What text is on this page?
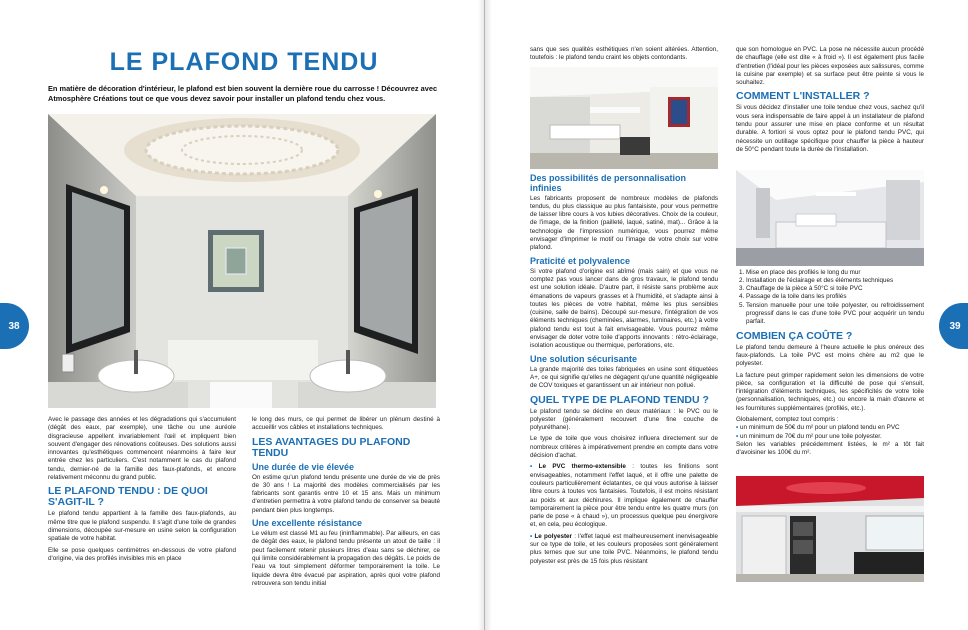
LE PLAFOND TENDU
En matière de décoration d'intérieur, le plafond est bien souvent la dernière roue du carrosse ! Découvrez avec Atmosphère Créations tout ce que vous devez savoir pour installer un plafond tendu chez vous.

Avec le passage des années et les dégradations qui s'accumulent (dégât des eaux, par exemple), une tâche ou une auréole disgracieuse appellent invariablement l'œil et impliquent bien souvent d'engager des rénovations coûteuses. Des solutions aussi innovantes qu'esthétiques commencent néanmoins à faire leur entrée chez les particuliers. C'est notamment le cas du plafond tendu, dernier-né de la famille des faux-plafonds, et encore relativement méconnu du grand public.

LE PLAFOND TENDU : DE QUOI S'AGIT-IL ?

Le plafond tendu appartient à la famille des faux-plafonds, au même titre que le plafond suspendu. Il s'agit d'une toile de grandes dimensions, découpée sur-mesure en usine selon la configuration spatiale de votre habitat.

Elle se pose quelques centimètres en-dessous de votre plafond d'origine, via des profilés invisibles mis en place

le long des murs, ce qui permet de libérer un plénum destiné à accueillir vos câbles et installations techniques.

LES AVANTAGES DU PLAFOND TENDU
Une durée de vie élevée

On estime qu'un plafond tendu présente une durée de vie de près de 30 ans ! La majorité des modèles commercialisés par les fabricants sont garantis entre 10 et 15 ans. Mais un minimum d'entretien permettra à votre plafond tendu de conserver sa beauté pendant bien plus longtemps.

Une excellente résistance

Le vélum est classé M1 au feu (ininflammable). Par ailleurs, en cas de dégât des eaux, le plafond tendu présente un atout de taille : il peut facilement retenir plusieurs litres d'eau sans se déchirer, ce qui limite considérablement la propagation des dégâts. Le poids de l'eau va tout simplement déformer temporairement la toile. Le liquide devra être évacué par aspiration, après quoi votre plafond retrouvera son tendu initial

sans que ses qualités esthétiques n'en soient altérées. Attention, toutefois : le plafond tendu craint les objets contondants.

Des possibilités de personnalisation infinies

Les fabricants proposent de nombreux modèles de plafonds tendus, du plus classique au plus fantaisiste, pour vous permettre de laisser libre cours à vos lubies décoratives. Choix de la couleur, de l'image, de la finition (pailleté, laqué, satiné, mat)... Grâce à la technologie de l'impression numérique, vous pourrez même envisager d'imprimer le motif ou l'image de votre choix sur votre plafond.

Praticité et polyvalence

Si votre plafond d'origine est abîmé (mais sain) et que vous ne comptez pas vous lancer dans de gros travaux, le plafond tendu est une solution idéale. D'autre part, il résiste sans problème aux émanations de vapeurs grasses et à l'humidité, et s'adapte ainsi à toutes les pièces de votre habitat, même les plus sensibles (cuisine, salle de bains). Découpé sur-mesure, l'intégration de vos éléments techniques (cheminées, alarmes, luminaires, etc.) à votre plafond tendu est tout à fait envisageable. Vous pourrez même envisager de doter votre toile d'apports innovants : rétro-éclairage, isolation acoustique ou thermique, perforations, etc.

Une solution sécurisante

La grande majorité des toiles fabriquées en usine sont étiquetées A+, ce qui signifie qu'elles ne dégagent qu'une quantité négligeable de COV toxiques et garantissent un air intérieur non pollué.

QUEL TYPE DE PLAFOND TENDU ?

Le plafond tendu se décline en deux matériaux : le PVC ou le polyester (généralement recouvert d'une fine couche de polyuréthane).

Le type de toile que vous choisirez influera directement sur de nombreux critères à impérativement prendre en compte dans votre décision d'achat.

• Le PVC thermo-extensible : toutes les finitions sont envisageables, notamment l'effet laqué, et il offre une palette de couleurs particulièrement éclatantes, ce qui vous autorise à laisser libre cours à toutes vos fantaisies. Toutefois, il est moins résistant au poids et aux déchirures. Il implique également de chauffer temporairement la pièce pour être tendu entre les quatre murs (on parle de pose « à chaud »), un processus quelque peu énergivore et, en cela, peu écologique.

• Le polyester : l'effet laqué est malheureusement inenvisageable sur ce type de toile, et les couleurs proposées sont généralement plus ternes que sur une toile PVC. Néanmoins, le plafond tendu polyester est près de 15 fois plus résistant

que son homologue en PVC. La pose ne nécessite aucun procédé de chauffage (elle est dite « à froid »). Il est également plus facile d'entretien (l'idéal pour les pièces exposées aux salissures, comme la cuisine par exemple) et sa surface peut être peinte si vous le souhaitez.

COMMENT L'INSTALLER ?

Si vous décidez d'installer une toile tendue chez vous, sachez qu'il vous sera indispensable de faire appel à un installateur de plafond tendu pour assurer une mise en place conforme et un résultat durable. A fortiori si vous optez pour le plafond tendu PVC, qui nécessite un outillage spécifique pour chauffer la pièce à hauteur de 50°C pendant toute la durée de l'installation.

1. Mise en place des profilés le long du mur
2. Installation de l'éclairage et des éléments techniques
3. Chauffage de la pièce à 50°C si toile PVC
4. Passage de la toile dans les profilés
5. Tension manuelle pour une toile polyester, ou refroidissement progressif dans le cas d'une toile PVC pour acquérir un tendu parfait.
COMBIEN ÇA COÛTE ?

Le plafond tendu demeure à l'heure actuelle le plus onéreux des faux-plafonds. La toile PVC est moins chère au m2 que le polyester.

La facture peut grimper rapidement selon les dimensions de votre pièce, sa configuration et la difficulté de pose qui s'ensuit, l'intégration d'éléments techniques, les spécificités de votre toile (personnalisation, techniques, etc.) ou encore la main d'œuvre et les fournitures supplémentaires (profilés, etc.).

Globalement, comptez tout compris :

• un minimum de 50€ du m² pour un plafond tendu en PVC
• un minimum de 70€ du m² pour une toile polyester.

Selon les variables précédemment listées, le m² a tôt fait d'avoisiner les 100€ du m².

38	39
